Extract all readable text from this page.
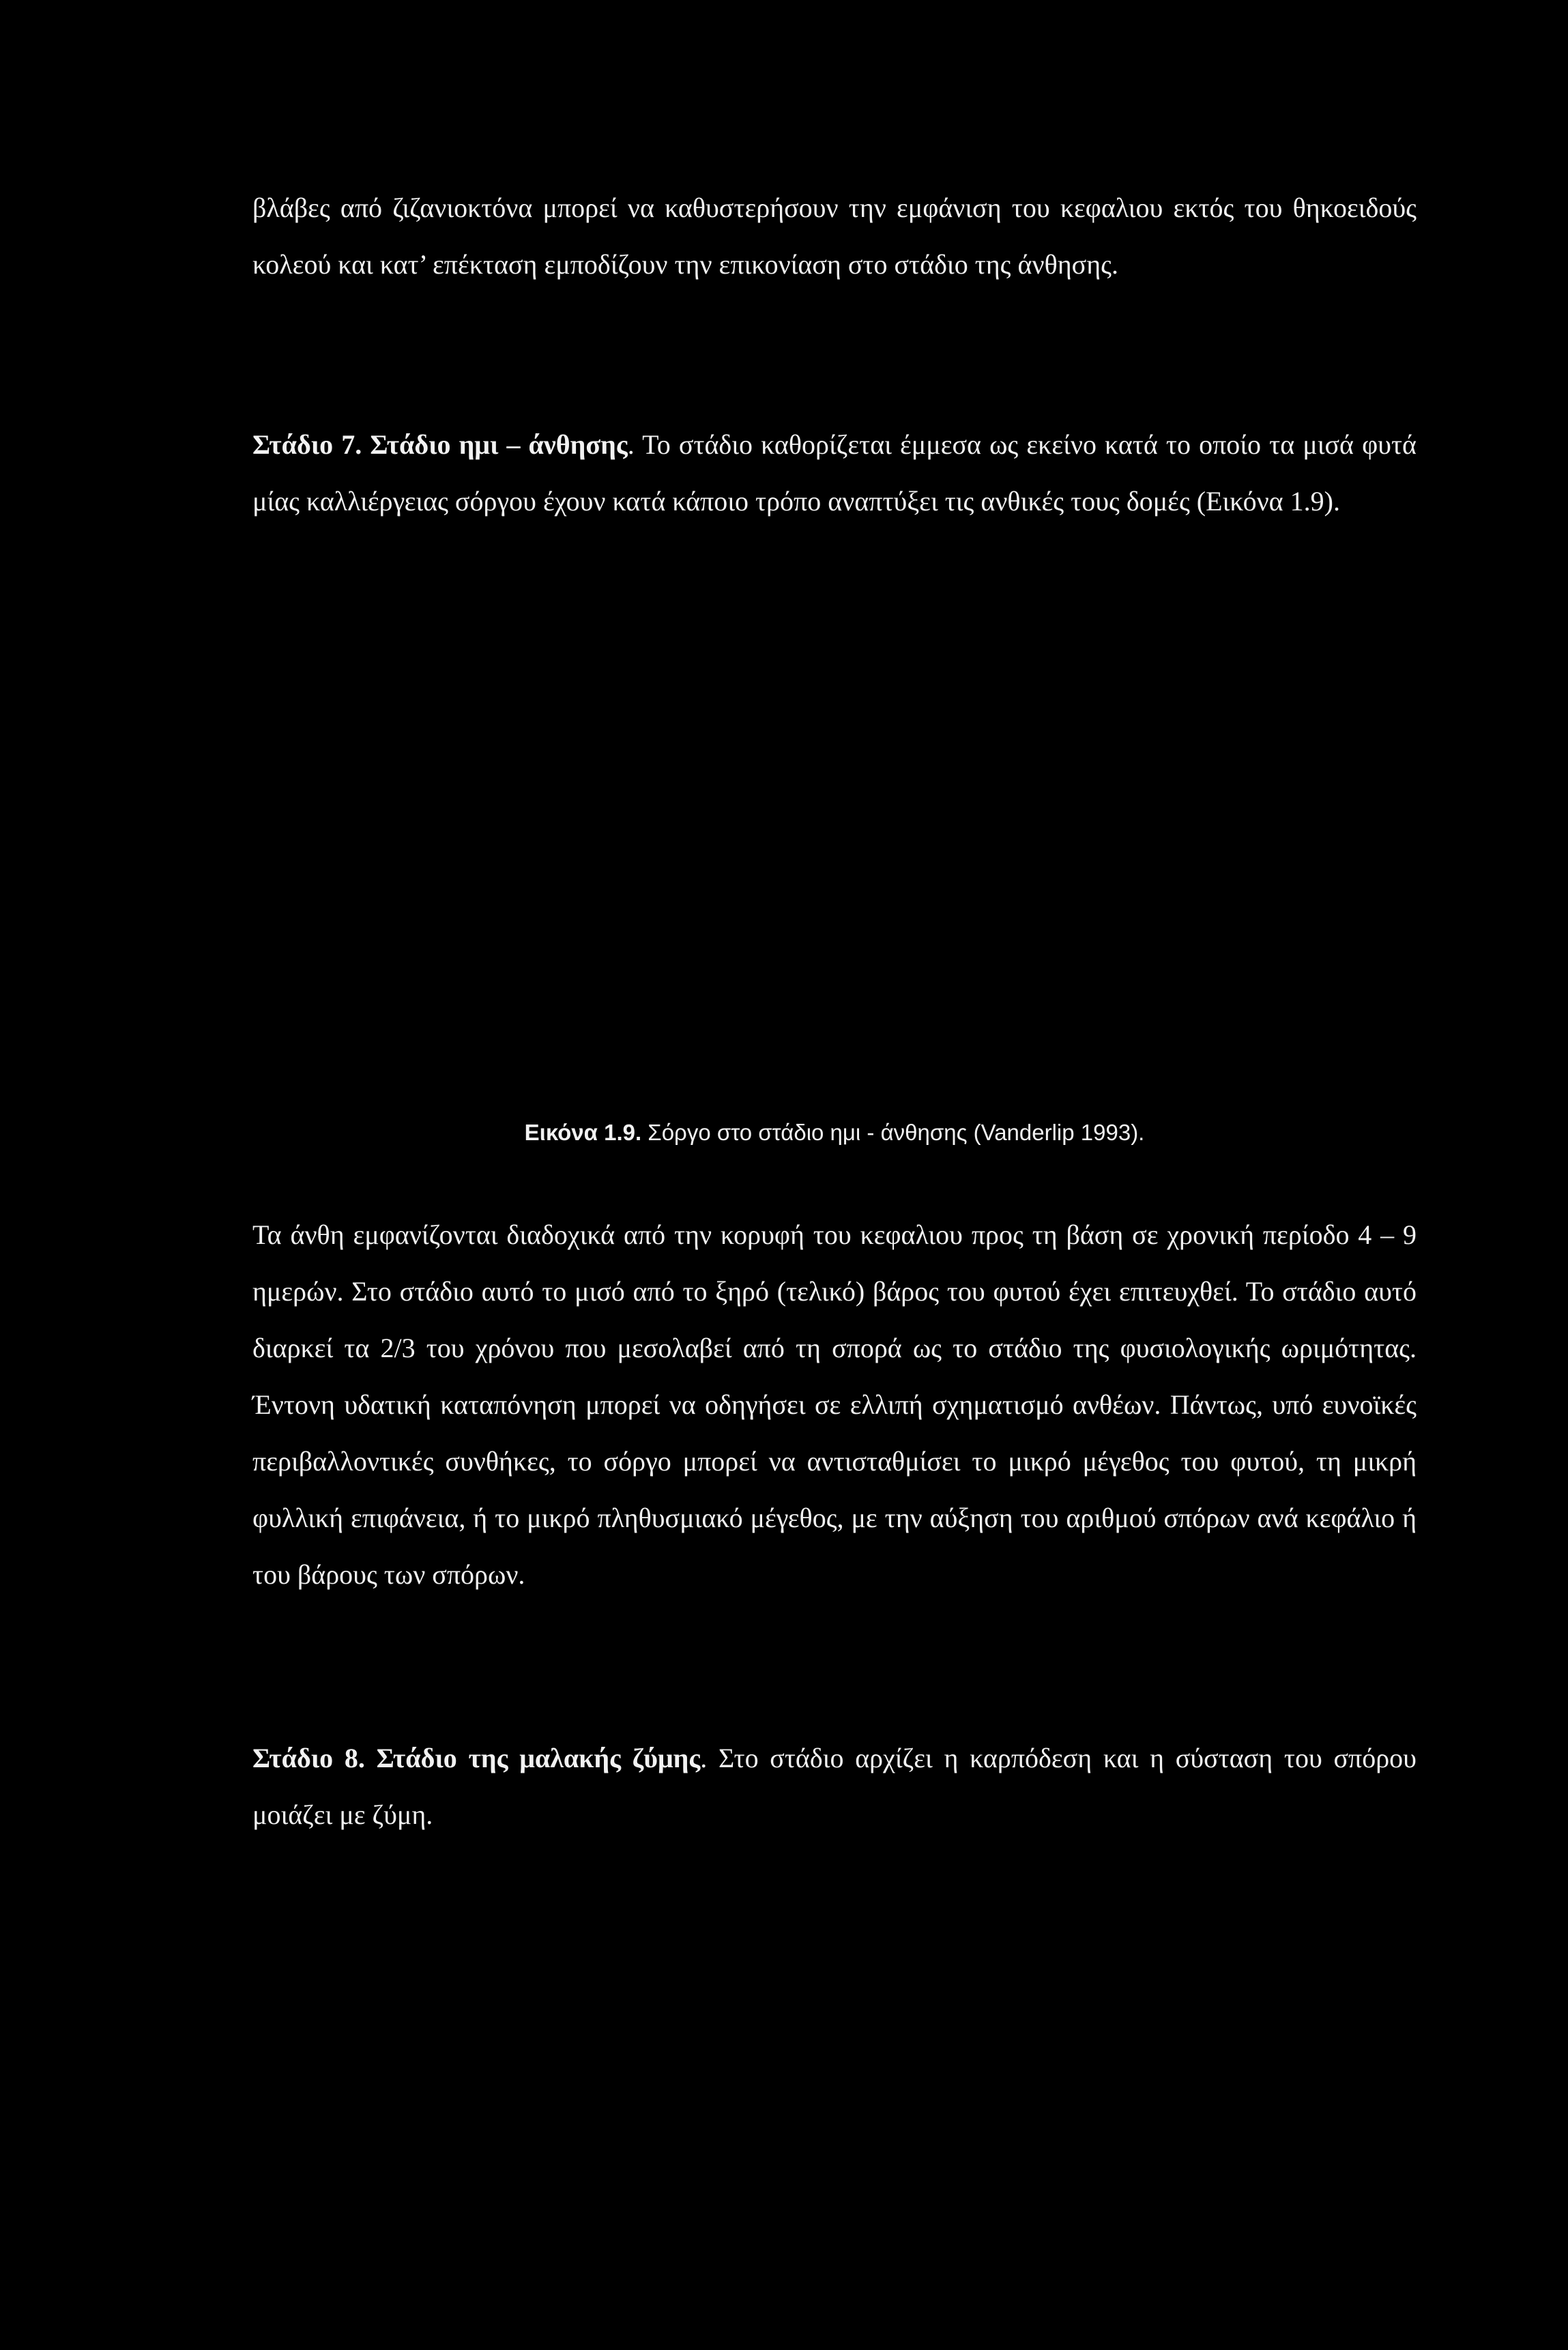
βλάβες από ζιζανιοκτόνα μπορεί να καθυστερήσουν την εμφάνιση του κεφαλιου εκτός του θηκοειδούς κολεού και κατ’ επέκταση εμποδίζουν την επικονίαση στο στάδιο της άνθησης.

Στάδιο 7. Στάδιο ημι – άνθησης. Το στάδιο καθορίζεται έμμεσα ως εκείνο κατά το οποίο τα μισά φυτά μίας καλλιέργειας σόργου έχουν κατά κάποιο τρόπο αναπτύξει τις ανθικές τους δομές (Εικόνα 1.9).

Εικόνα 1.9. Σόργο στο στάδιο ημι - άνθησης (Vanderlip 1993).

Τα άνθη εμφανίζονται διαδοχικά από την κορυφή του κεφαλιου προς τη βάση σε χρονική περίοδο 4 – 9 ημερών. Στο στάδιο αυτό το μισό από το ξηρό (τελικό) βάρος του φυτού έχει επιτευχθεί. Το στάδιο αυτό διαρκεί τα 2/3 του χρόνου που μεσολαβεί από τη σπορά ως το στάδιο της φυσιολογικής ωριμότητας. Έντονη υδατική καταπόνηση μπορεί να οδηγήσει σε ελλιπή σχηματισμό ανθέων. Πάντως, υπό ευνοϊκές περιβαλλοντικές συνθήκες, το σόργο μπορεί να αντισταθμίσει το μικρό μέγεθος του φυτού, τη μικρή φυλλική επιφάνεια, ή το μικρό πληθυσμιακό μέγεθος, με την αύξηση του αριθμού σπόρων ανά κεφάλιο ή του βάρους των σπόρων.

Στάδιο 8. Στάδιο της μαλακής ζύμης. Στο στάδιο αρχίζει η καρπόδεση και η σύσταση του σπόρου μοιάζει με ζύμη.
